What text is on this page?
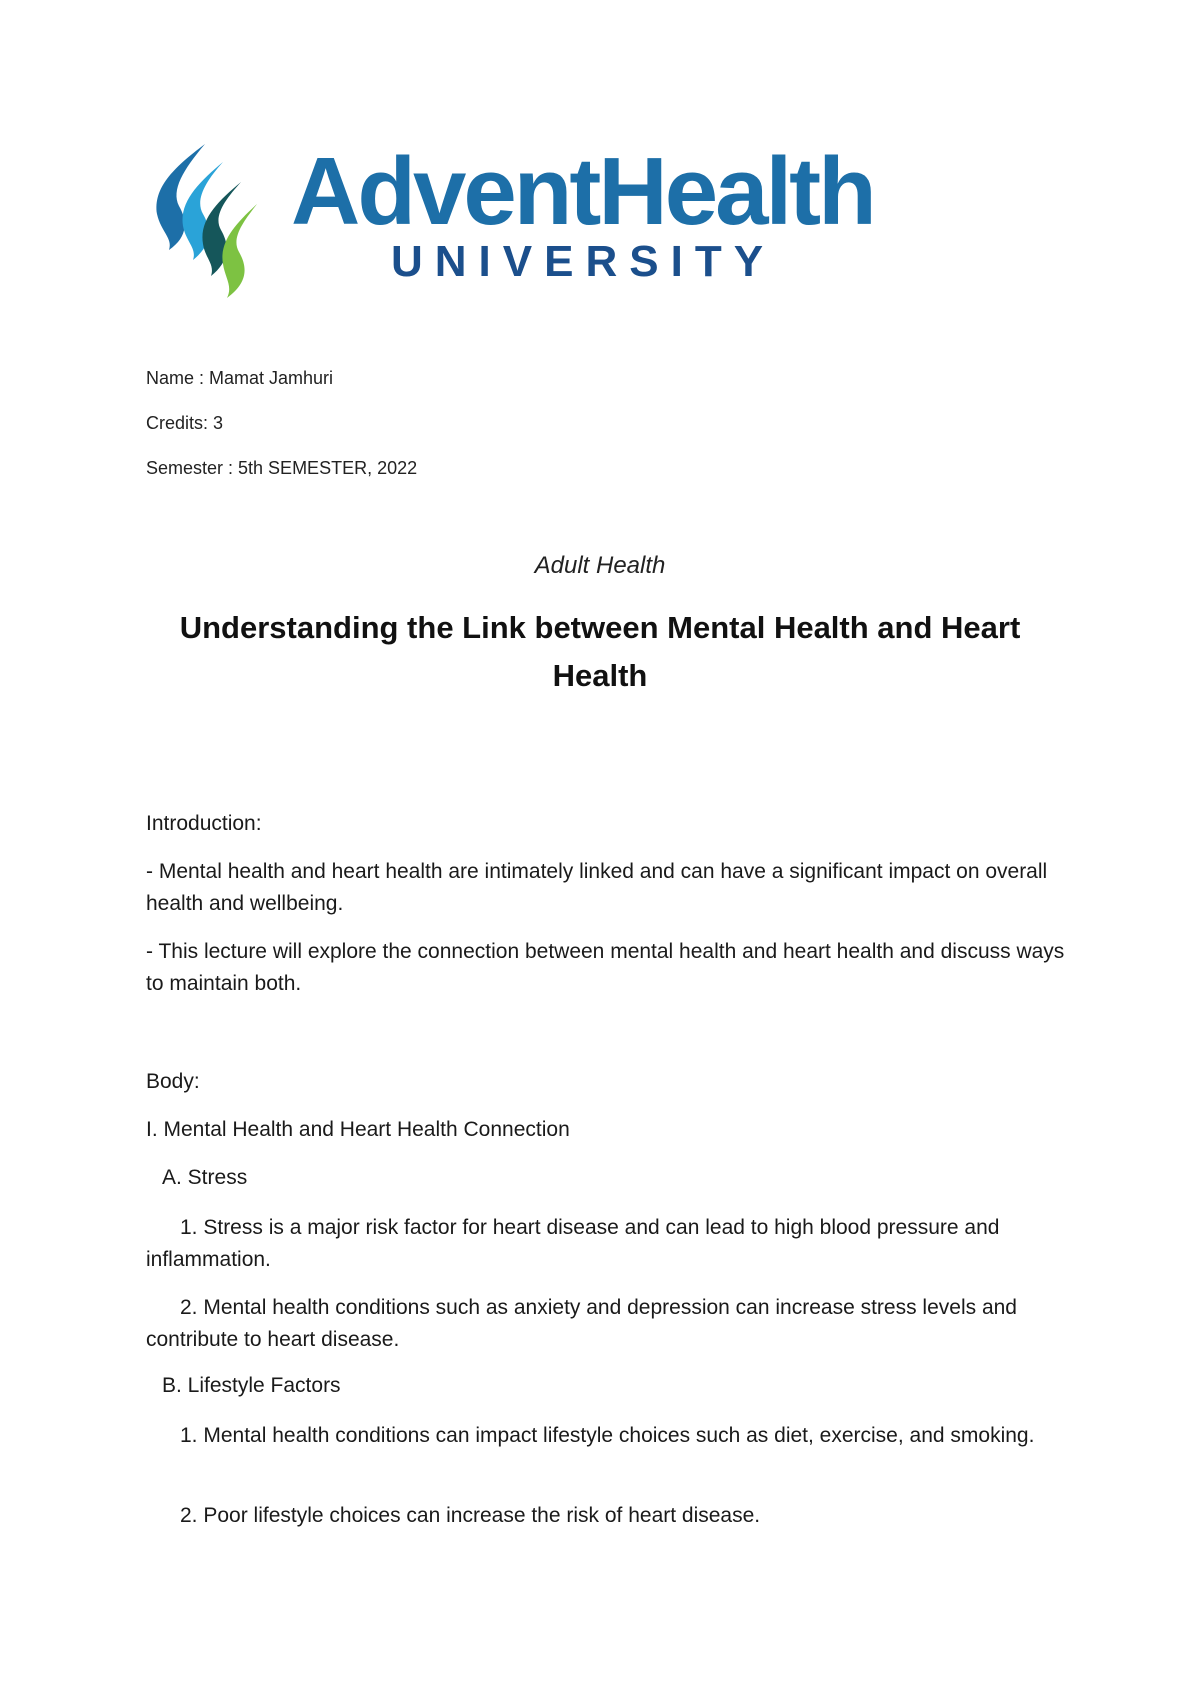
AdventHealth
UNIVERSITY
Name : Mamat Jamhuri
Credits: 3
Semester : 5th SEMESTER, 2022
Adult Health
Understanding the Link between Mental Health and Heart Health
Introduction:
- Mental health and heart health are intimately linked and can have a significant impact on overall health and wellbeing.
- This lecture will explore the connection between mental health and heart health and discuss ways to maintain both.
Body:
I. Mental Health and Heart Health Connection
A. Stress
1. Stress is a major risk factor for heart disease and can lead to high blood pressure and inflammation.
2. Mental health conditions such as anxiety and depression can increase stress levels and contribute to heart disease.
B. Lifestyle Factors
1. Mental health conditions can impact lifestyle choices such as diet, exercise, and smoking.
2. Poor lifestyle choices can increase the risk of heart disease.
